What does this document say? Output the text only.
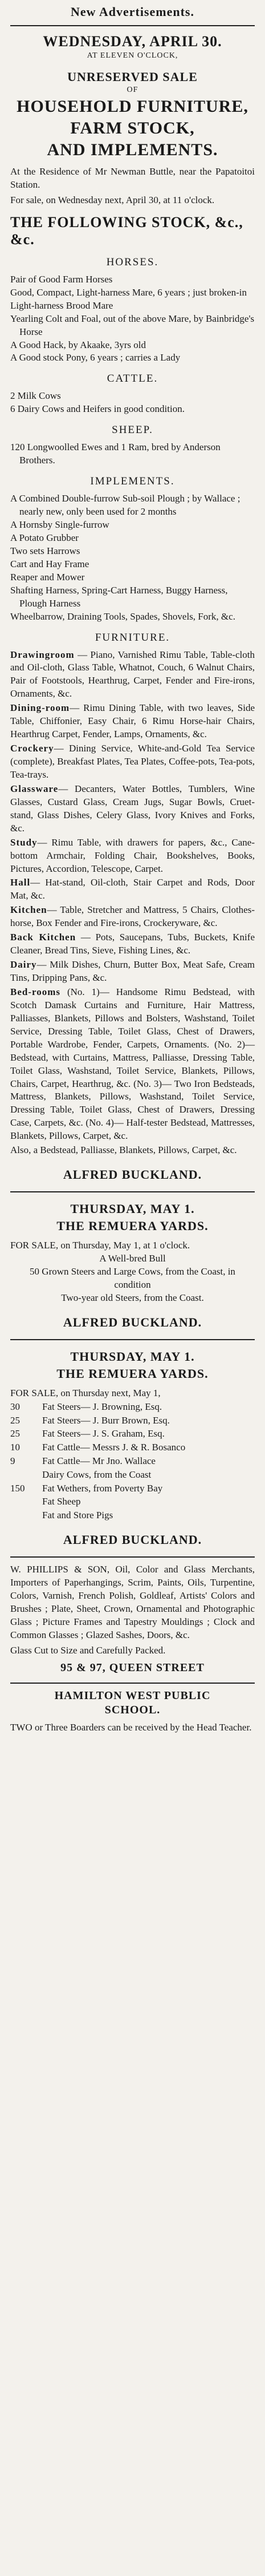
New Advertisements.
WEDNESDAY, APRIL 30.
AT ELEVEN O'CLOCK,
UNRESERVED SALE
OF
HOUSEHOLD FURNITURE,
FARM STOCK,
AND IMPLEMENTS.
At the Residence of Mr Newman Buttle, near the Papatoitoi Station.
For sale, on Wednesday next, April 30, at 11 o'clock.
THE FOLLOWING STOCK, &c., &c.
HORSES.

Pair of Good Farm Horses

Good, Compact, Light-harness Mare, 6 years ; just broken-in

Light-harness Brood Mare

Yearling Colt and Foal, out of the above Mare, by Bainbridge's Horse

A Good Hack, by Akaake, 3yrs old

A Good stock Pony, 6 years ; carries a Lady

CATTLE.

2 Milk Cows

6 Dairy Cows and Heifers in good condition.

SHEEP.

120 Longwoolled Ewes and 1 Ram, bred by Anderson Brothers.

IMPLEMENTS.

A Combined Double-furrow Sub-soil Plough ; by Wallace ; nearly new, only been used for 2 months

A Hornsby Single-furrow

A Potato Grubber

Two sets Harrows

Cart and Hay Frame

Reaper and Mower

Shafting Harness, Spring-Cart Harness, Buggy Harness, Plough Harness

Wheelbarrow, Draining Tools, Spades, Shovels, Fork, &c.

FURNITURE.

Drawingroom — Piano, Varnished Rimu Table, Table-cloth and Oil-cloth, Glass Table, Whatnot, Couch, 6 Walnut Chairs, Pair of Footstools, Hearthrug, Carpet, Fender and Fire-irons, Ornaments, &c.

Dining-room— Rimu Dining Table, with two leaves, Side Table, Chiffonier, Easy Chair, 6 Rimu Horse-hair Chairs, Hearthrug Carpet, Fender, Lamps, Ornaments, &c.

Crockery— Dining Service, White-and-Gold Tea Service (complete), Breakfast Plates, Tea Plates, Coffee-pots, Tea-pots, Tea-trays.

Glassware— Decanters, Water Bottles, Tumblers, Wine Glasses, Custard Glass, Cream Jugs, Sugar Bowls, Cruet-stand, Glass Dishes, Celery Glass, Ivory Knives and Forks, &c.

Study— Rimu Table, with drawers for papers, &c., Cane-bottom Armchair, Folding Chair, Bookshelves, Books, Pictures, Accordion, Telescope, Carpet.

Hall— Hat-stand, Oil-cloth, Stair Carpet and Rods, Door Mat, &c.

Kitchen— Table, Stretcher and Mattress, 5 Chairs, Clothes-horse, Box Fender and Fire-irons, Crockeryware, &c.

Back Kitchen — Pots, Saucepans, Tubs, Buckets, Knife Cleaner, Bread Tins, Sieve, Fishing Lines, &c.

Dairy— Milk Dishes, Churn, Butter Box, Meat Safe, Cream Tins, Dripping Pans, &c.

Bed-rooms (No. 1)— Handsome Rimu Bedstead, with Scotch Damask Curtains and Furniture, Hair Mattress, Palliasses, Blankets, Pillows and Bolsters, Washstand, Toilet Service, Dressing Table, Toilet Glass, Chest of Drawers, Portable Wardrobe, Fender, Carpets, Ornaments. (No. 2)— Bedstead, with Curtains, Mattress, Palliasse, Dressing Table, Toilet Glass, Washstand, Toilet Service, Blankets, Pillows, Chairs, Carpet, Hearthrug, &c. (No. 3)— Two Iron Bedsteads, Mattress, Blankets, Pillows, Washstand, Toilet Service, Dressing Table, Toilet Glass, Chest of Drawers, Dressing Case, Carpets, &c. (No. 4)— Half-tester Bedstead, Mattresses, Blankets, Pillows, Carpet, &c.

Also, a Bedstead, Palliasse, Blankets, Pillows, Carpet, &c.

ALFRED BUCKLAND.
THURSDAY, MAY 1.
THE REMUERA YARDS.
FOR SALE, on Thursday, May 1, at 1 o'clock.

A Well-bred Bull

50 Grown Steers and Large Cows, from the Coast, in condition

Two-year old Steers, from the Coast.

ALFRED BUCKLAND.
THURSDAY, MAY 1.
THE REMUERA YARDS.
FOR SALE, on Thursday next, May 1,
30	Fat Steers— J. Browning, Esq.
25	Fat Steers— J. Burr Brown, Esq.
25	Fat Steers— J. S. Graham, Esq.
10	Fat Cattle— Messrs J. & R. Bosanco
9	Fat Cattle— Mr Jno. Wallace
Dairy Cows, from the Coast
150	Fat Wethers, from Poverty Bay
Fat Sheep
Fat and Store Pigs
ALFRED BUCKLAND.
W. PHILLIPS & SON, Oil, Color and Glass Merchants, Importers of Paperhangings, Scrim, Paints, Oils, Turpentine, Colors, Varnish, French Polish, Goldleaf, Artists' Colors and Brushes ; Plate, Sheet, Crown, Ornamental and Photographic Glass ; Picture Frames and Tapestry Mouldings ; Clock and Common Glasses ; Glazed Sashes, Doors, &c.
Glass Cut to Size and Carefully Packed.
95 & 97, QUEEN STREET
HAMILTON WEST PUBLIC
SCHOOL.
TWO or Three Boarders can be received by the Head Teacher.
